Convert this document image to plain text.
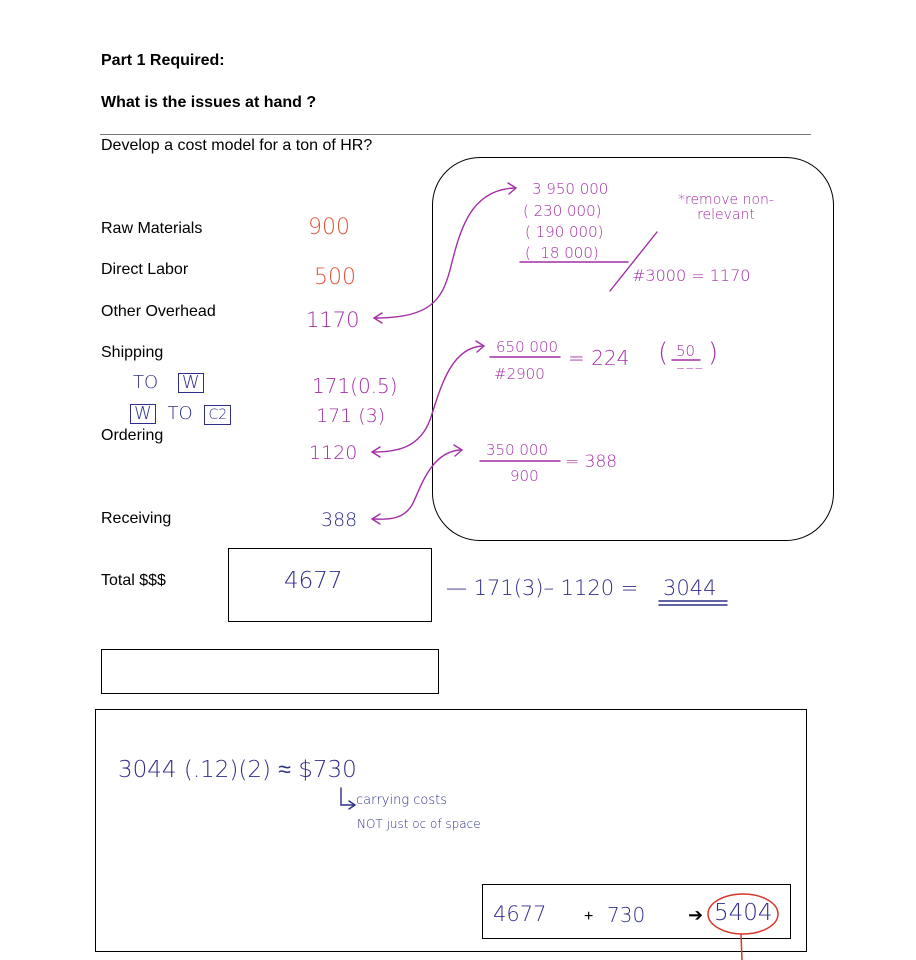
Part 1 Required:
What is the issues at hand ?
Develop a cost model for a ton of HR?
Raw Materials
Direct Labor
Other Overhead
Shipping
Ordering
Receiving
Total $$$
900
500
1170
171(0.5)
171 (3)
1120
388
TO W
W TO C2
3 950 000
( 230 000)
( 190 000)
(  18 000)
#3000 = 1170
*remove non-relevant
650 000
#2900
= 224 ( 50
~~~
)
350 000
900
= 388
4677	— 171(3)– 1120 = 3044
3044 (.12)(2) ≈ $730
carrying costs
NOT just oc of space
4677 + 730 ➔ 5404
